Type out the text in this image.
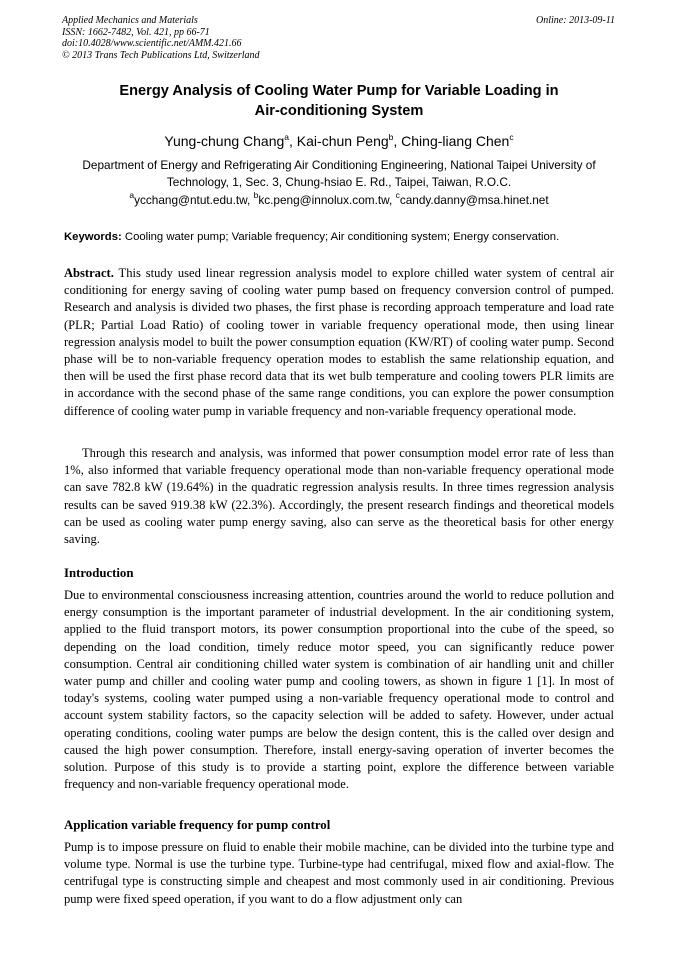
Applied Mechanics and Materials
ISSN: 1662-7482, Vol. 421, pp 66-71
doi:10.4028/www.scientific.net/AMM.421.66
© 2013 Trans Tech Publications Ltd, Switzerland
Online: 2013-09-11
Energy Analysis of Cooling Water Pump for Variable Loading in
Air-conditioning System
Yung-chung Chang$^a$, Kai-chun Peng$^b$, Ching-liang Chen$^c$
Department of Energy and Refrigerating Air Conditioning Engineering, National Taipei University of Technology, 1, Sec. 3, Chung-hsiao E. Rd., Taipei, Taiwan, R.O.C.
$^a$ycchang@ntut.edu.tw, $^b$kc.peng@innolux.com.tw, $^c$candy.danny@msa.hinet.net
Keywords: Cooling water pump; Variable frequency; Air conditioning system; Energy conservation.
Abstract. This study used linear regression analysis model to explore chilled water system of central air conditioning for energy saving of cooling water pump based on frequency conversion control of pumped. Research and analysis is divided two phases, the first phase is recording approach temperature and load rate (PLR; Partial Load Ratio) of cooling tower in variable frequency operational mode, then using linear regression analysis model to built the power consumption equation (KW/RT) of cooling water pump. Second phase will be to non-variable frequency operation modes to establish the same relationship equation, and then will be used the first phase record data that its wet bulb temperature and cooling towers PLR limits are in accordance with the second phase of the same range conditions, you can explore the power consumption difference of cooling water pump in variable frequency and non-variable frequency operational mode.
Through this research and analysis, was informed that power consumption model error rate of less than 1%, also informed that variable frequency operational mode than non-variable frequency operational mode can save 782.8 kW (19.64%) in the quadratic regression analysis results. In three times regression analysis results can be saved 919.38 kW (22.3%). Accordingly, the present research findings and theoretical models can be used as cooling water pump energy saving, also can serve as the theoretical basis for other energy saving.
Introduction
Due to environmental consciousness increasing attention, countries around the world to reduce pollution and energy consumption is the important parameter of industrial development. In the air conditioning system, applied to the fluid transport motors, its power consumption proportional into the cube of the speed, so depending on the load condition, timely reduce motor speed, you can significantly reduce power consumption. Central air conditioning chilled water system is combination of air handling unit and chiller water pump and chiller and cooling water pump and cooling towers, as shown in figure 1 [1]. In most of today's systems, cooling water pumped using a non-variable frequency operational mode to control and account system stability factors, so the capacity selection will be added to safety. However, under actual operating conditions, cooling water pumps are below the design content, this is the called over design and caused the high power consumption. Therefore, install energy-saving operation of inverter becomes the solution. Purpose of this study is to provide a starting point, explore the difference between variable frequency and non-variable frequency operational mode.
Application variable frequency for pump control
Pump is to impose pressure on fluid to enable their mobile machine, can be divided into the turbine type and volume type. Normal is use the turbine type. Turbine-type had centrifugal, mixed flow and axial-flow. The centrifugal type is constructing simple and cheapest and most commonly used in air conditioning. Previous pump were fixed speed operation, if you want to do a flow adjustment only can
